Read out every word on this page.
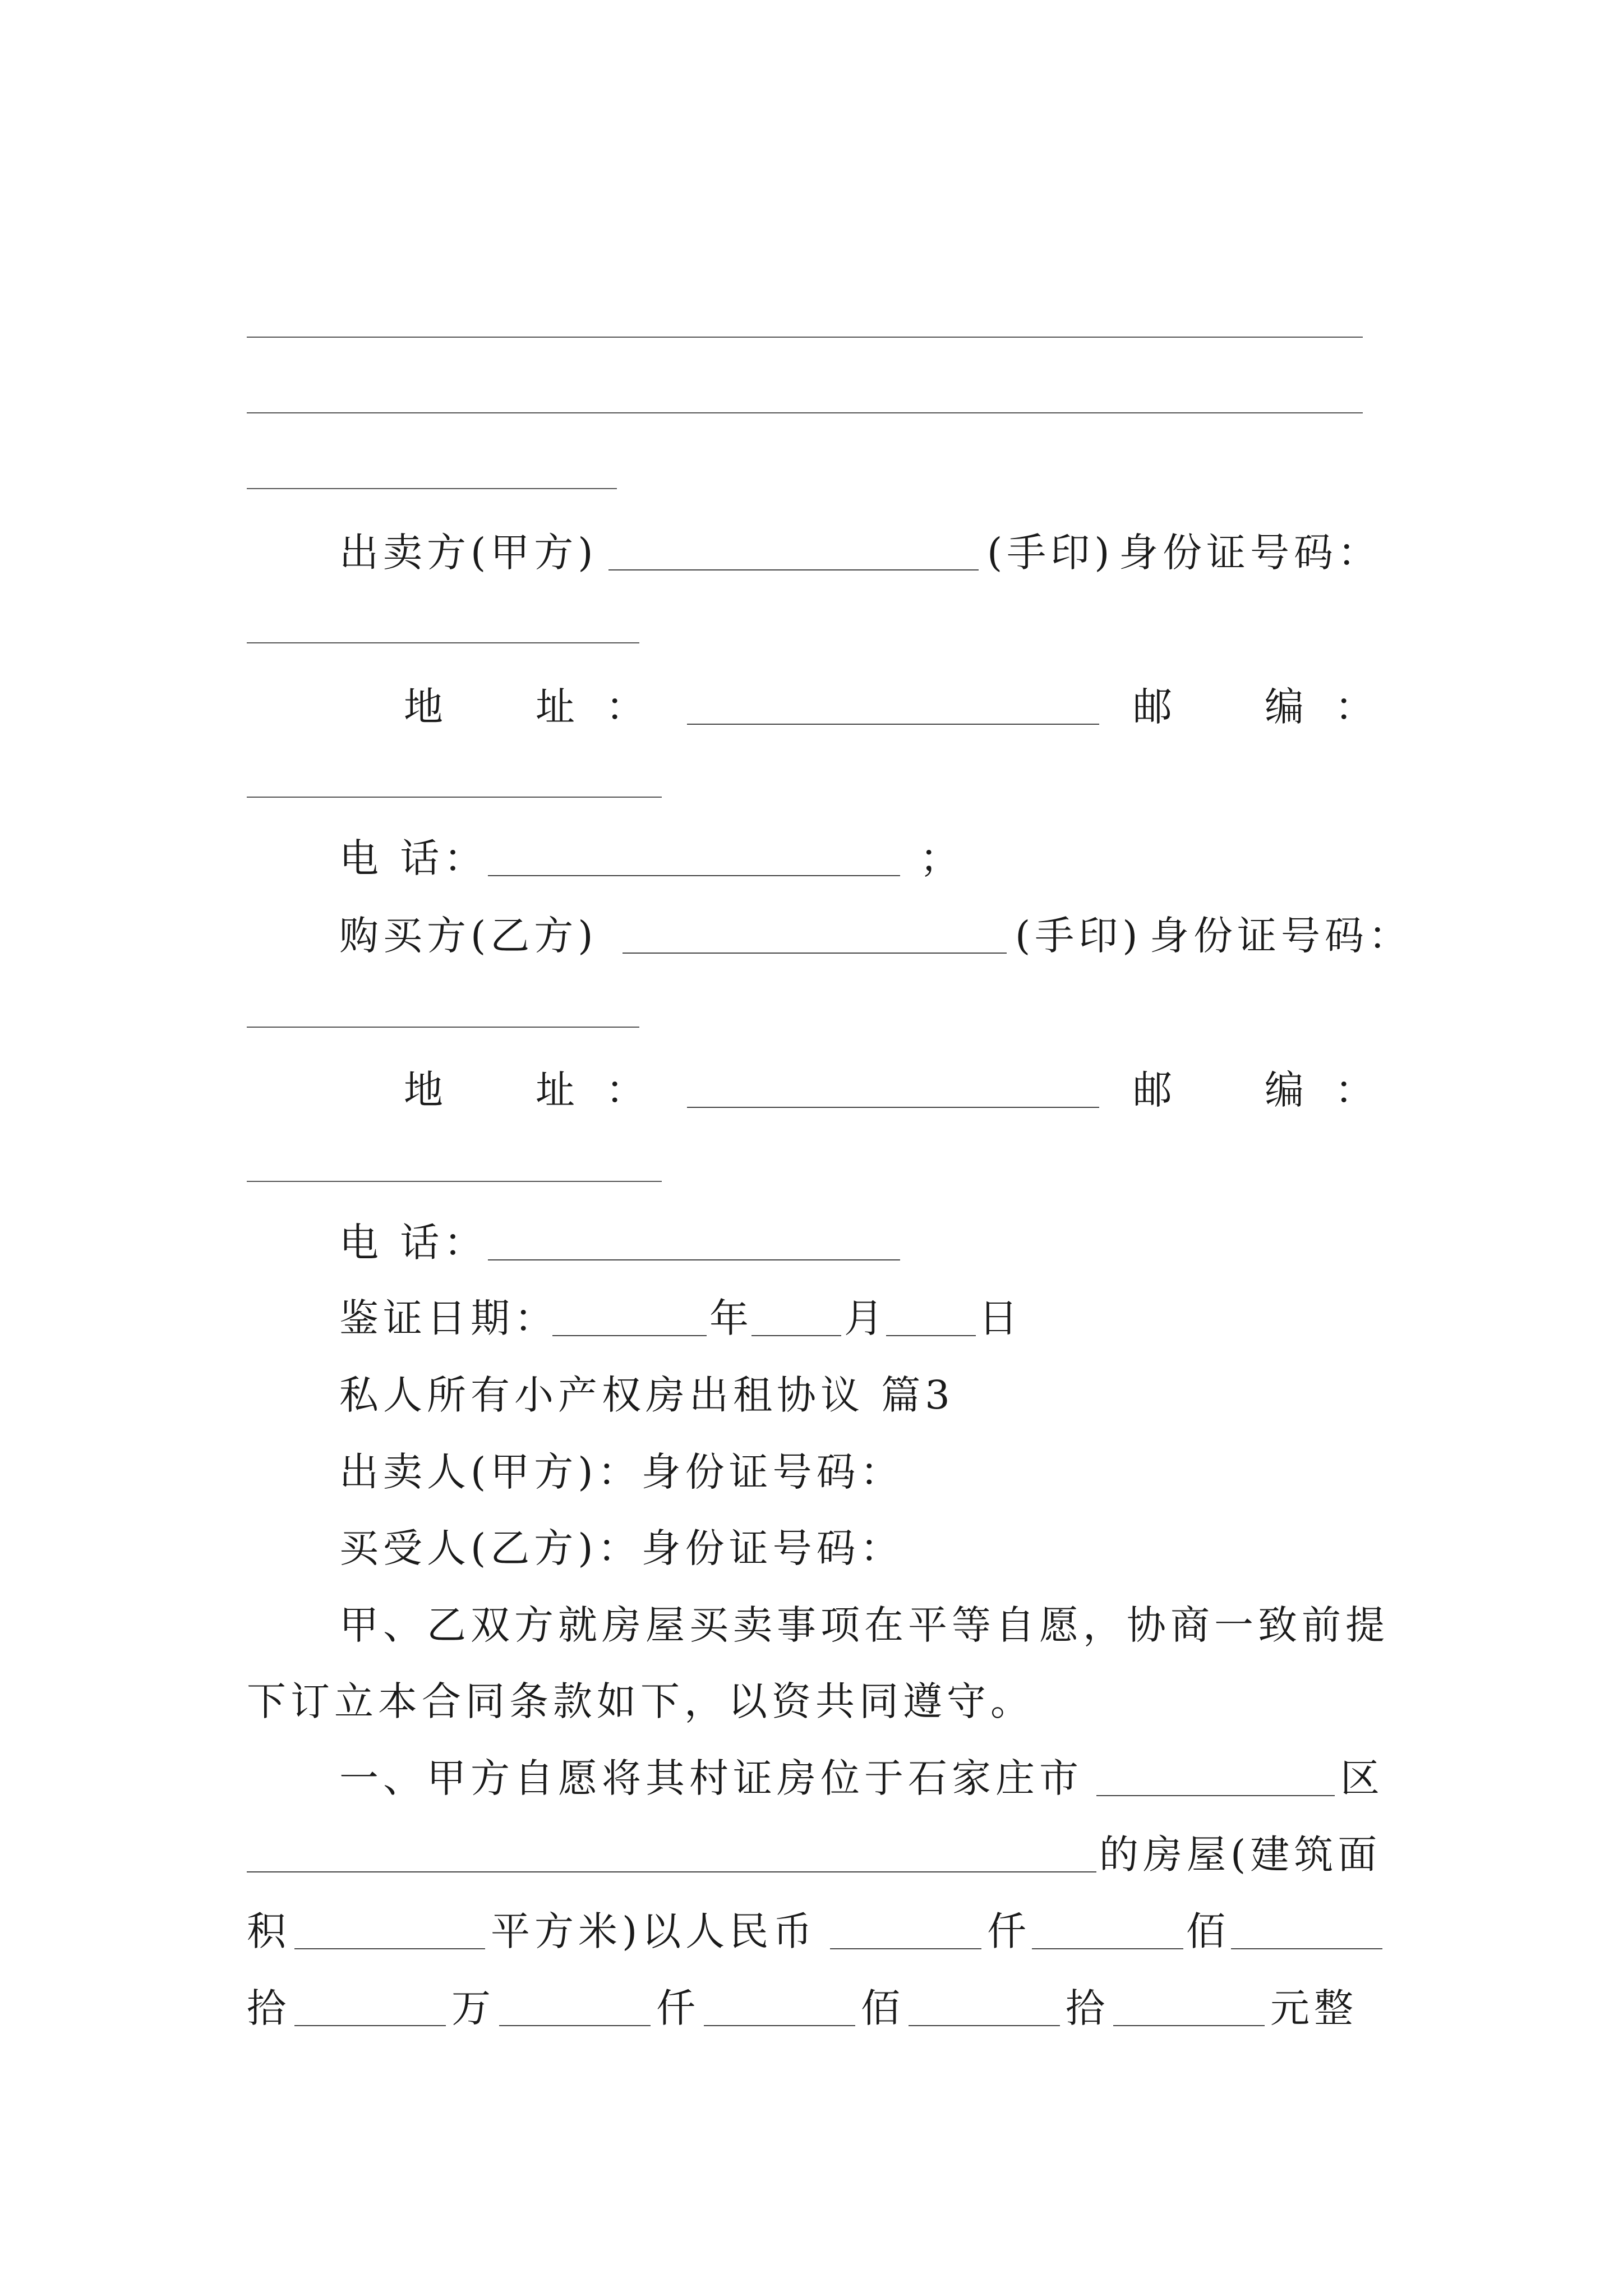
出卖方(甲方)	(手印) 身份证号码：
地 址 ：	邮 编 ：
电 话：	；
购买方(乙方)	(手印) 身份证号码：
地 址 ：	邮 编 ：
电 话：
鉴证日期：	年 月 日
私人所有小产权房出租协议 篇3
出卖人(甲方)：身份证号码：
买受人(乙方)：身份证号码：
甲、乙双方就房屋买卖事项在平等自愿，协商一致前提
下订立本合同条款如下，以资共同遵守。
一、甲方自愿将其村证房位于石家庄市	区
的房屋(建筑面
积	平方米)以人民币	仟	佰
拾	万	仟	佰	拾	元整
